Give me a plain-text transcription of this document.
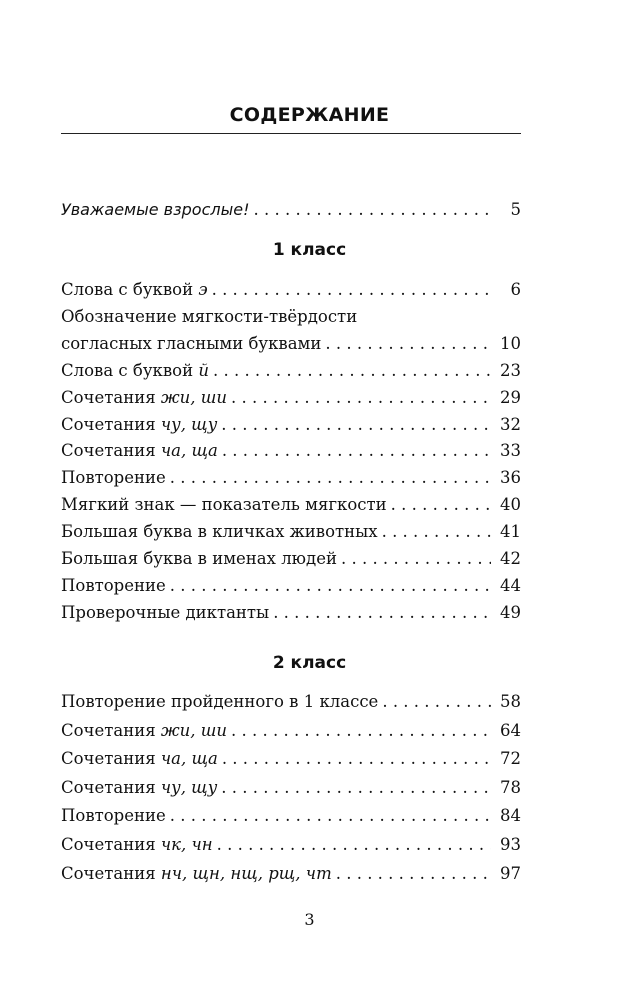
СОДЕРЖАНИЕ
Уважаемые взрослые! . . .	5
1 класс
Слова с буквой э . . .	6
Обозначение мягкости-твёрдости
согласных гласными буквами . . .	10
Слова с буквой й . . .	23
Сочетания жи, ши . . .	29
Сочетания чу, щу . . .	32
Сочетания ча, ща . . .	33
Повторение . . .	36
Мягкий знак — показатель мягкости . . .	40
Большая буква в кличках животных . . .	41
Большая буква в именах людей . . .	42
Повторение . . .	44
Проверочные диктанты . . .	49
2 класс
Повторение пройденного в 1 классе . . .	58
Сочетания жи, ши . . .	64
Сочетания ча, ща . . .	72
Сочетания чу, щу . . .	78
Повторение . . .	84
Сочетания чк, чн . . .	93
Сочетания нч, щн, нщ, рщ, чт . . .	97
3
